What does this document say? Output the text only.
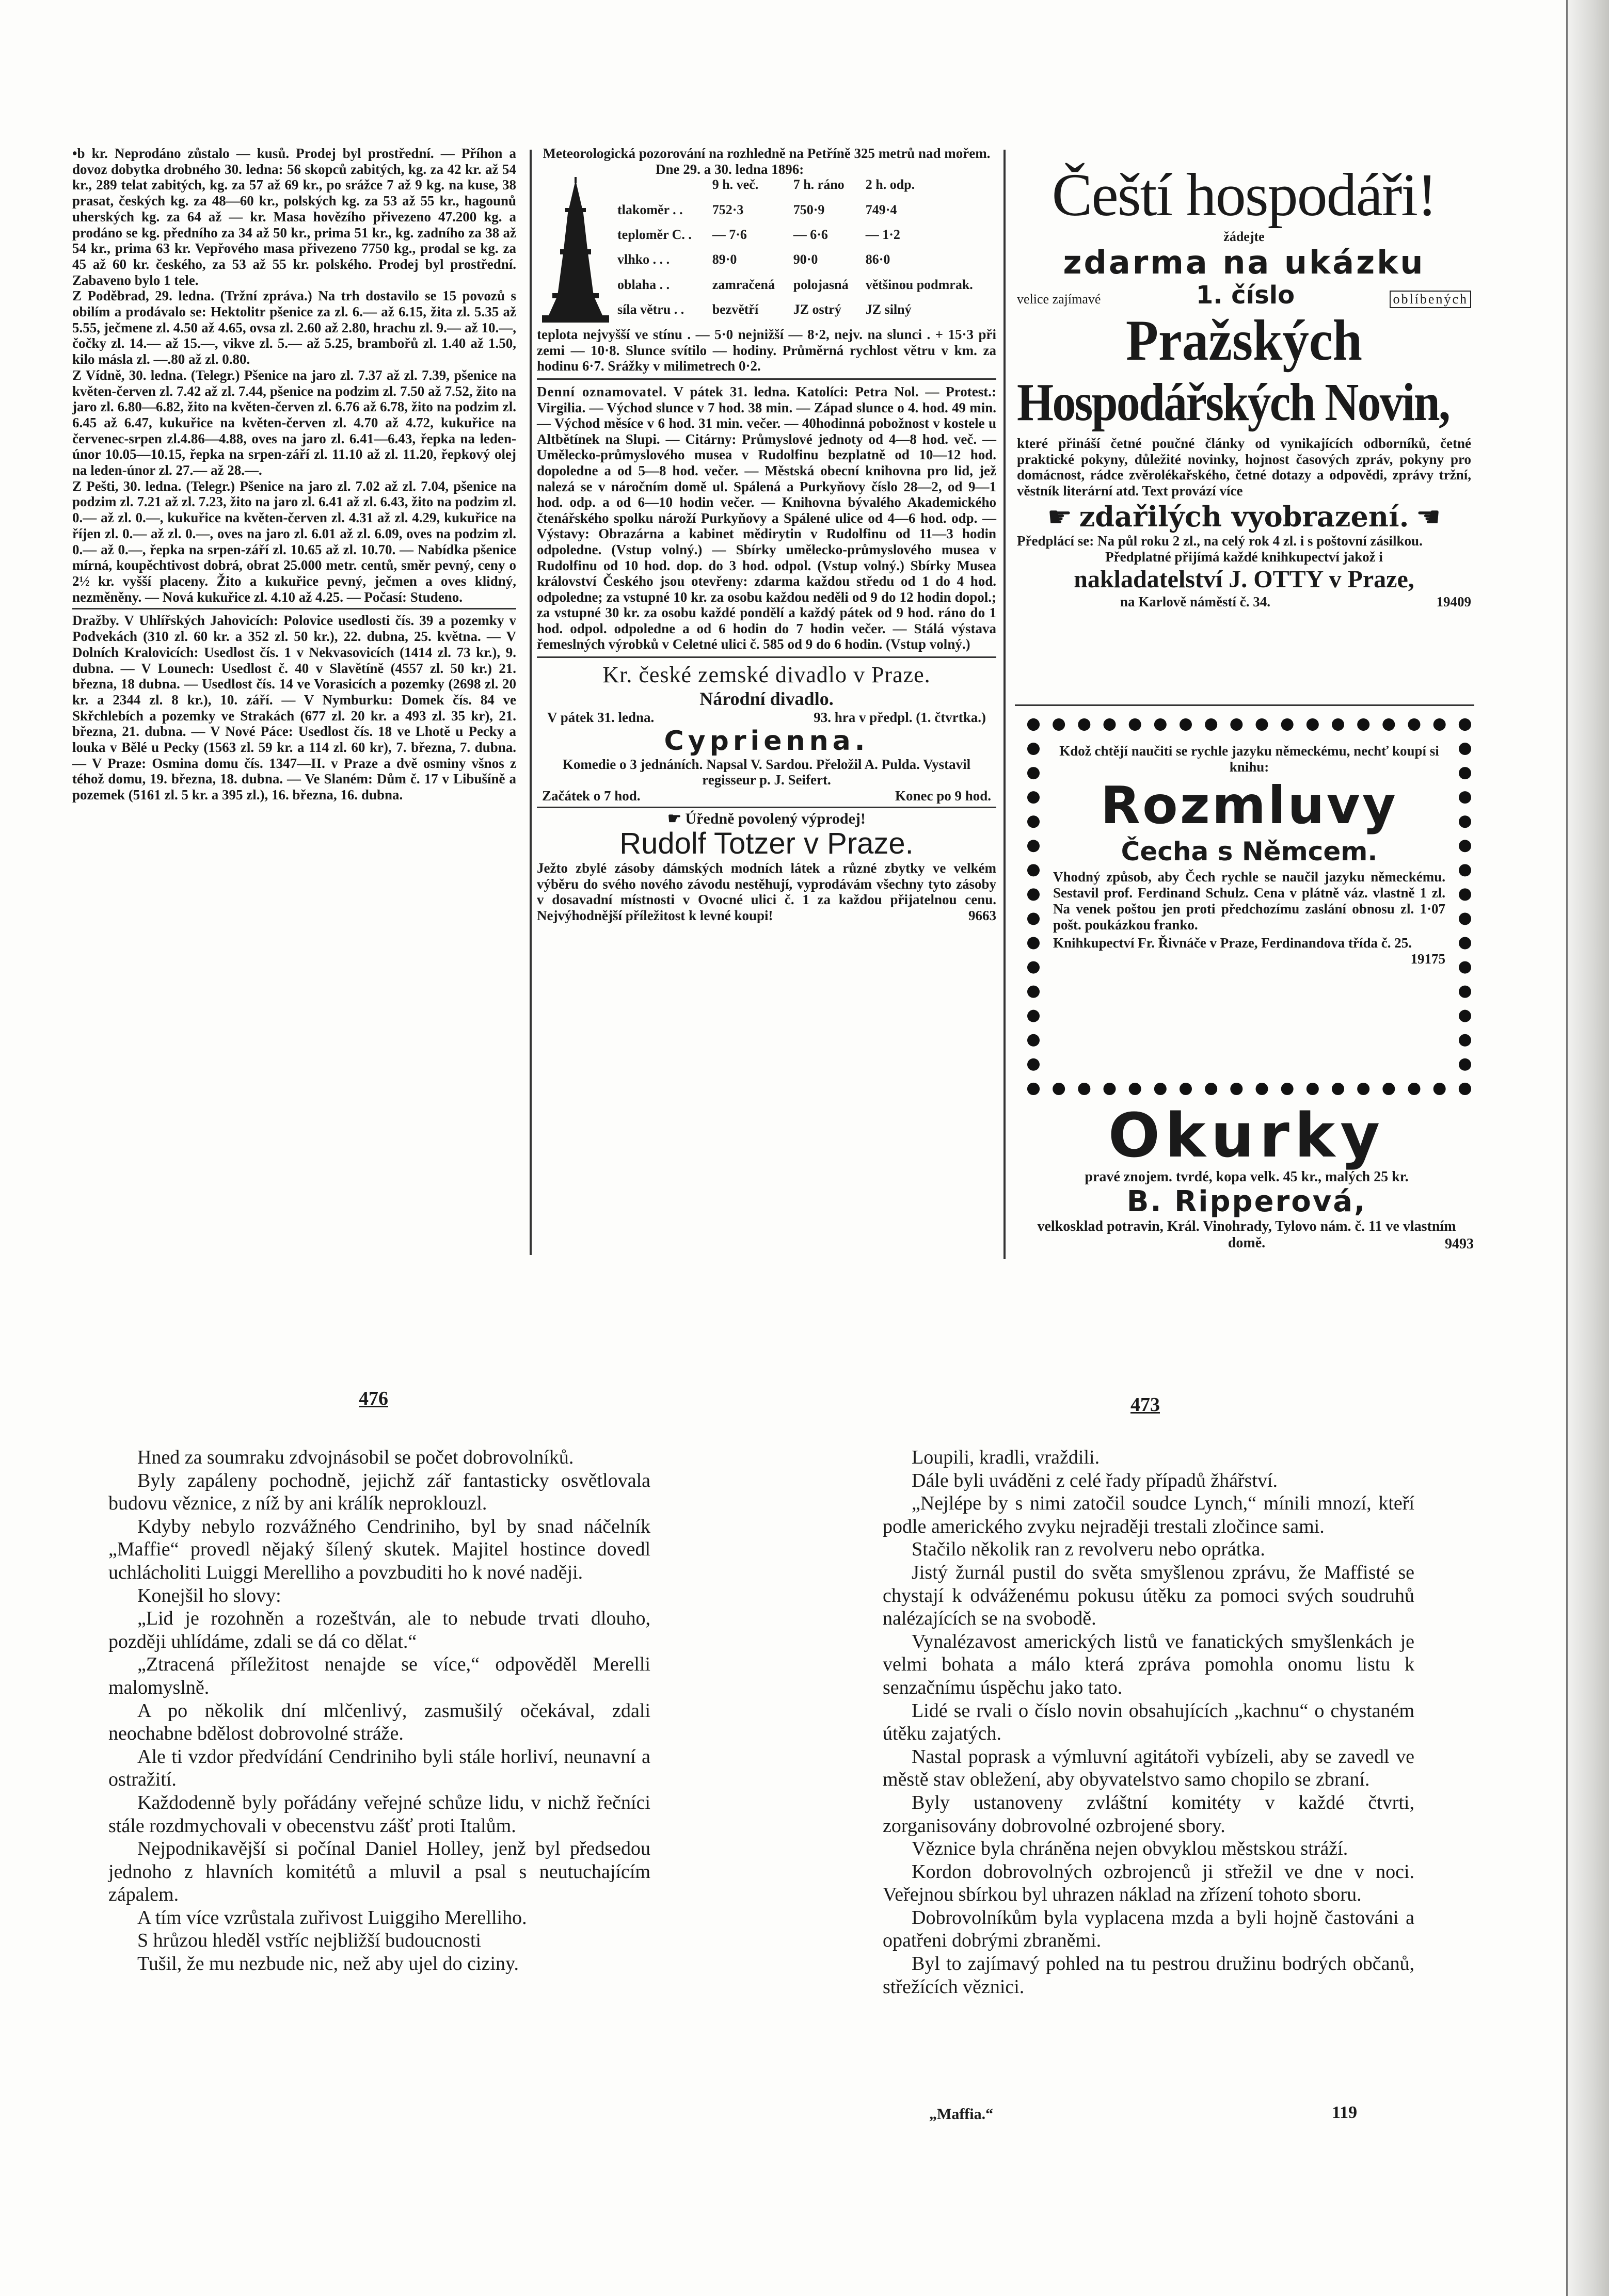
•b kr. Neprodáno zůstalo — kusů. Prodej byl prostřední. — Příhon a dovoz dobytka drobného 30. ledna: 56 skopců zabitých, kg. za 42 kr. až 54 kr., 289 telat zabitých, kg. za 57 až 69 kr., po srážce 7 až 9 kg. na kuse, 38 prasat, českých kg. za 48—60 kr., polských kg. za 53 až 55 kr., hagounů uherských kg. za 64 až — kr. Masa hovězího přivezeno 47.200 kg. a prodáno se kg. předního za 34 až 50 kr., prima 51 kr., kg. zadního za 38 až 54 kr., prima 63 kr. Vepřového masa přivezeno 7750 kg., prodal se kg. za 45 až 60 kr. českého, za 53 až 55 kr. polského. Prodej byl prostřední. Zabaveno bylo 1 tele.

Z Poděbrad, 29. ledna. (Tržní zpráva.) Na trh dostavilo se 15 povozů s obilím a prodávalo se: Hektolitr pšenice za zl. 6.— až 6.15, žita zl. 5.35 až 5.55, ječmene zl. 4.50 až 4.65, ovsa zl. 2.60 až 2.80, hrachu zl. 9.— až 10.—, čočky zl. 14.— až 15.—, vikve zl. 5.— až 5.25, brambořů zl. 1.40 až 1.50, kilo másla zl. —.80 až zl. 0.80.

Z Vídně, 30. ledna. (Telegr.) Pšenice na jaro zl. 7.37 až zl. 7.39, pšenice na květen-červen zl. 7.42 až zl. 7.44, pšenice na podzim zl. 7.50 až 7.52, žito na jaro zl. 6.80—6.82, žito na květen-červen zl. 6.76 až 6.78, žito na podzim zl. 6.45 až 6.47, kukuřice na květen-červen zl. 4.70 až 4.72, kukuřice na červenec-srpen zl.4.86—4.88, oves na jaro zl. 6.41—6.43, řepka na leden-únor 10.05—10.15, řepka na srpen-září zl. 11.10 až zl. 11.20, řepkový olej na leden-únor zl. 27.— až 28.—.

Z Pešti, 30. ledna. (Telegr.) Pšenice na jaro zl. 7.02 až zl. 7.04, pšenice na podzim zl. 7.21 až zl. 7.23, žito na jaro zl. 6.41 až zl. 6.43, žito na podzim zl. 0.— až zl. 0.—, kukuřice na květen-červen zl. 4.31 až zl. 4.29, kukuřice na říjen zl. 0.— až zl. 0.—, oves na jaro zl. 6.01 až zl. 6.09, oves na podzim zl. 0.— až 0.—, řepka na srpen-září zl. 10.65 až zl. 10.70. — Nabídka pšenice mírná, koupěchtivost dobrá, obrat 25.000 metr. centů, směr pevný, ceny o 2½ kr. vyšší placeny. Žito a kukuřice pevný, ječmen a oves klidný, nezměněny. — Nová kukuřice zl. 4.10 až 4.25. — Počasí: Studeno.

Dražby. V Uhlířských Jahovicích: Polovice usedlosti čís. 39 a pozemky v Podvekách (310 zl. 60 kr. a 352 zl. 50 kr.), 22. dubna, 25. května. — V Dolních Kralovicích: Usedlost čís. 1 v Nekvasovicích (1414 zl. 73 kr.), 9. dubna. — V Lounech: Usedlost č. 40 v Slavětíně (4557 zl. 50 kr.) 21. března, 18 dubna. — Usedlost čís. 14 ve Vorasicích a pozemky (2698 zl. 20 kr. a 2344 zl. 8 kr.), 10. září. — V Nymburku: Domek čís. 84 ve Skřchlebích a pozemky ve Strakách (677 zl. 20 kr. a 493 zl. 35 kr), 21. března, 21. dubna. — V Nové Páce: Usedlost čís. 18 ve Lhotě u Pecky a louka v Bělé u Pecky (1563 zl. 59 kr. a 114 zl. 60 kr), 7. března, 7. dubna. — V Praze: Osmina domu čís. 1347—II. v Praze a dvě osminy všnos z téhož domu, 19. března, 18. dubna. — Ve Slaném: Dům č. 17 v Libušíně a pozemek (5161 zl. 5 kr. a 395 zl.), 16. března, 16. dubna.

Meteorologická pozorování na rozhledně na Petříně 325 metrů nad mořem.
Dne 29. a 30. ledna 1896:
	9 h. več.	7 h. ráno	2 h. odp.
tlakoměr . .	752·3	750·9	749·4
teploměr C. .	— 7·6	— 6·6	— 1·2
vlhko . . .	89·0	90·0	86·0
oblaha . .	zamračená	polojasná	většinou podmrak.
síla větru . .	bezvětří	JZ ostrý	JZ silný

teplota nejvyšší ve stínu . — 5·0 nejnižší — 8·2, nejv. na slunci . + 15·3 při zemi — 10·8. Slunce svítilo — hodiny. Průměrná rychlost větru v km. za hodinu 6·7. Srážky v milimetrech 0·2.

Denní oznamovatel. V pátek 31. ledna. Katolíci: Petra Nol. — Protest.: Virgilia. — Východ slunce v 7 hod. 38 min. — Západ slunce o 4. hod. 49 min. — Východ měsíce v 6 hod. 31 min. večer. — 40hodinná pobožnost v kostele u Altbětínek na Slupi. — Citárny: Průmyslové jednoty od 4—8 hod. več. — Umělecko-průmyslového musea v Rudolfinu bezplatně od 10—12 hod. dopoledne a od 5—8 hod. večer. — Městská obecní knihovna pro lid, jež nalezá se v náročním domě ul. Spálená a Purkyňovy číslo 28—2, od 9—1 hod. odp. a od 6—10 hodin večer. — Knihovna bývalého Akademického čtenářského spolku nároží Purkyňovy a Spálené ulice od 4—6 hod. odp. — Výstavy: Obrazárna a kabinet mědirytin v Rudolfinu od 11—3 hodin odpoledne. (Vstup volný.) — Sbírky umělecko-průmyslového musea v Rudolfinu od 10 hod. dop. do 3 hod. odpol. (Vstup volný.) Sbírky Musea království Českého jsou otevřeny: zdarma každou středu od 1 do 4 hod. odpoledne; za vstupné 10 kr. za osobu každou neděli od 9 do 12 hodin dopol.; za vstupné 30 kr. za osobu každé pondělí a každý pátek od 9 hod. ráno do 1 hod. odpol. odpoledne a od 6 hodin do 7 hodin večer. — Stálá výstava řemeslných výrobků v Celetné ulici č. 585 od 9 do 6 hodin. (Vstup volný.)

Kr. české zemské divadlo v Praze.
Národní divadlo.
V pátek 31. ledna.	93. hra v předpl. (1. čtvrtka.)
Cyprienna.

Komedie o 3 jednáních. Napsal V. Sardou. Přeložil A. Pulda. Vystavil regisseur p. J. Seifert.

Začátek o 7 hod.	Konec po 9 hod.
☛ Úředně povolený výprodej!
Rudolf Totzer v Praze.

Ježto zbylé zásoby dámských modních látek a různé zbytky ve velkém výběru do svého nového závodu nestěhují, vyprodávám všechny tyto zásoby v dosavadní místnosti v Ovocné ulici č. 1 za každou přijatelnou cenu. Nejvýhodnější příležitost k levné koupi!	9663

Čeští hospodáři!
žádejte
zdarma na ukázku
velice zajímavé	1. číslo	oblíbených
Pražských
Hospodářských Novin,

které přináší četné poučné články od vynikajících odborníků, četné praktické pokyny, důležité novinky, hojnost časových zpráv, pokyny pro domácnost, rádce zvěrolékařského, četné dotazy a odpovědi, zprávy tržní, věstník literární atd. Text provází více

☛ zdařilých vyobrazení. ☚

Předplácí se: Na půl roku 2 zl., na celý rok 4 zl. i s poštovní zásilkou.

Předplatné přijímá každé knihkupectví jakož i

nakladatelství J. OTTY v Praze,
na Karlově náměstí č. 34.	19409

Kdož chtějí naučiti se rychle jazyku německému, nechť koupí si knihu:

Rozmluvy
Čecha s Němcem.

Vhodný způsob, aby Čech rychle se naučil jazyku německému. Sestavil prof. Ferdinand Schulz. Cena v plátně váz. vlastně 1 zl. Na venek poštou jen proti předchozímu zaslání obnosu zl. 1·07 pošt. poukázkou franko.

Knihkupectví Fr. Řivnáče v Praze, Ferdinandova třída č. 25.
19175

Okurky
pravé znojem. tvrdé, kopa velk. 45 kr., malých 25 kr.
B. Ripperová,

velkosklad potravin, Král. Vinohrady, Tylovo nám. č. 11 ve vlastním domě.	9493
476	473

Hned za soumraku zdvojnásobil se počet dobrovolníků.

Byly zapáleny pochodně, jejichž zář fantasticky osvětlovala budovu věznice, z níž by ani králík neproklouzl.

Kdyby nebylo rozvážného Cendriniho, byl by snad náčelník „Maffie“ provedl nějaký šílený skutek. Majitel hostince dovedl uchlácholiti Luiggi Merelliho a povzbuditi ho k nové naději.

Konejšil ho slovy:

„Lid je rozohněn a rozeštván, ale to nebude trvati dlouho, později uhlídáme, zdali se dá co dělat.“

„Ztracená příležitost nenajde se více,“ odpověděl Merelli malomyslně.

A po několik dní mlčenlivý, zasmušilý očekával, zdali neochabne bdělost dobrovolné stráže.

Ale ti vzdor předvídání Cendriniho byli stále horliví, neunavní a ostražití.

Každodenně byly pořádány veřejné schůze lidu, v nichž řečníci stále rozdmychovali v obecenstvu zášť proti Italům.

Nejpodnikavější si počínal Daniel Holley, jenž byl předsedou jednoho z hlavních komitétů a mluvil a psal s neutuchajícím zápalem.

A tím více vzrůstala zuřivost Luiggiho Merelliho.

S hrůzou hleděl vstříc nejbližší budoucnosti

Tušil, že mu nezbude nic, než aby ujel do ciziny.

Loupili, kradli, vraždili.

Dále byli uváděni z celé řady případů žhářství.

„Nejlépe by s nimi zatočil soudce Lynch,“ mínili mnozí, kteří podle amerického zvyku nejraději trestali zločince sami.

Stačilo několik ran z revolveru nebo oprátka.

Jistý žurnál pustil do světa smyšlenou zprávu, že Maffisté se chystají k odváženému pokusu útěku za pomoci svých soudruhů nalézajících se na svobodě.

Vynalézavost amerických listů ve fanatických smyšlenkách je velmi bohata a málo která zpráva pomohla onomu listu k senzačnímu úspěchu jako tato.

Lidé se rvali o číslo novin obsahujících „kachnu“ o chystaném útěku zajatých.

Nastal poprask a výmluvní agitátoři vybízeli, aby se zavedl ve městě stav obležení, aby obyvatelstvo samo chopilo se zbraní.

Byly ustanoveny zvláštní komitéty v každé čtvrti, zorganisovány dobrovolné ozbrojené sbory.

Věznice byla chráněna nejen obvyklou městskou stráží.

Kordon dobrovolných ozbrojenců ji střežil ve dne v noci. Veřejnou sbírkou byl uhrazen náklad na zřízení tohoto sboru.

Dobrovolníkům byla vyplacena mzda a byli hojně častováni a opatřeni dobrými zbraněmi.

Byl to zajímavý pohled na tu pestrou družinu bodrých občanů, střežících věznici.

„Maffia.“	119
